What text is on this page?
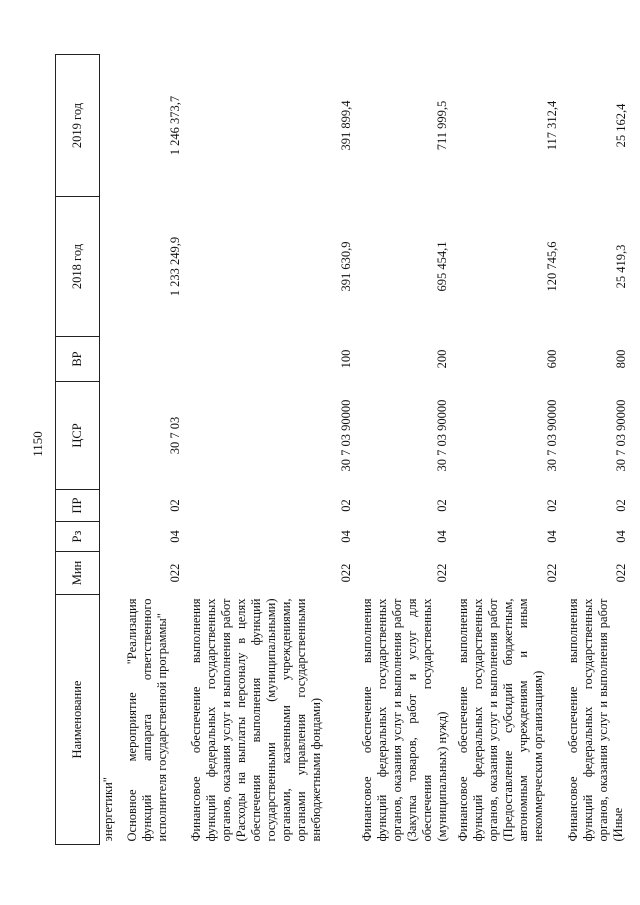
1150
Наименование	Мин	Рз	ПР	ЦСР	ВР	2018 год	2019 год
энергетики"							
Основное мероприятие "Реализация функций аппарата ответственного исполнителя государственной программы"	022	04	02	30 7 03		1 233 249,9	1 246 373,7
Финансовое обеспечение выполнения функций федеральных государственных органов, оказания услуг и выполнения работ (Расходы на выплаты персоналу в целях обеспечения выполнения функций государственными (муниципальными) органами, казенными учреждениями, органами управления государственными внебюджетными фондами)	022	04	02	30 7 03 90000	100	391 630,9	391 899,4
Финансовое обеспечение выполнения функций федеральных государственных органов, оказания услуг и выполнения работ (Закупка товаров, работ и услуг для обеспечения государственных (муниципальных) нужд)	022	04	02	30 7 03 90000	200	695 454,1	711 999,5
Финансовое обеспечение выполнения функций федеральных государственных органов, оказания услуг и выполнения работ (Предоставление субсидий бюджетным, автономным учреждениям и иным некоммерческим организациям)	022	04	02	30 7 03 90000	600	120 745,6	117 312,4
Финансовое обеспечение выполнения функций федеральных государственных органов, оказания услуг и выполнения работ (Иные	022	04	02	30 7 03 90000	800	25 419,3	25 162,4
